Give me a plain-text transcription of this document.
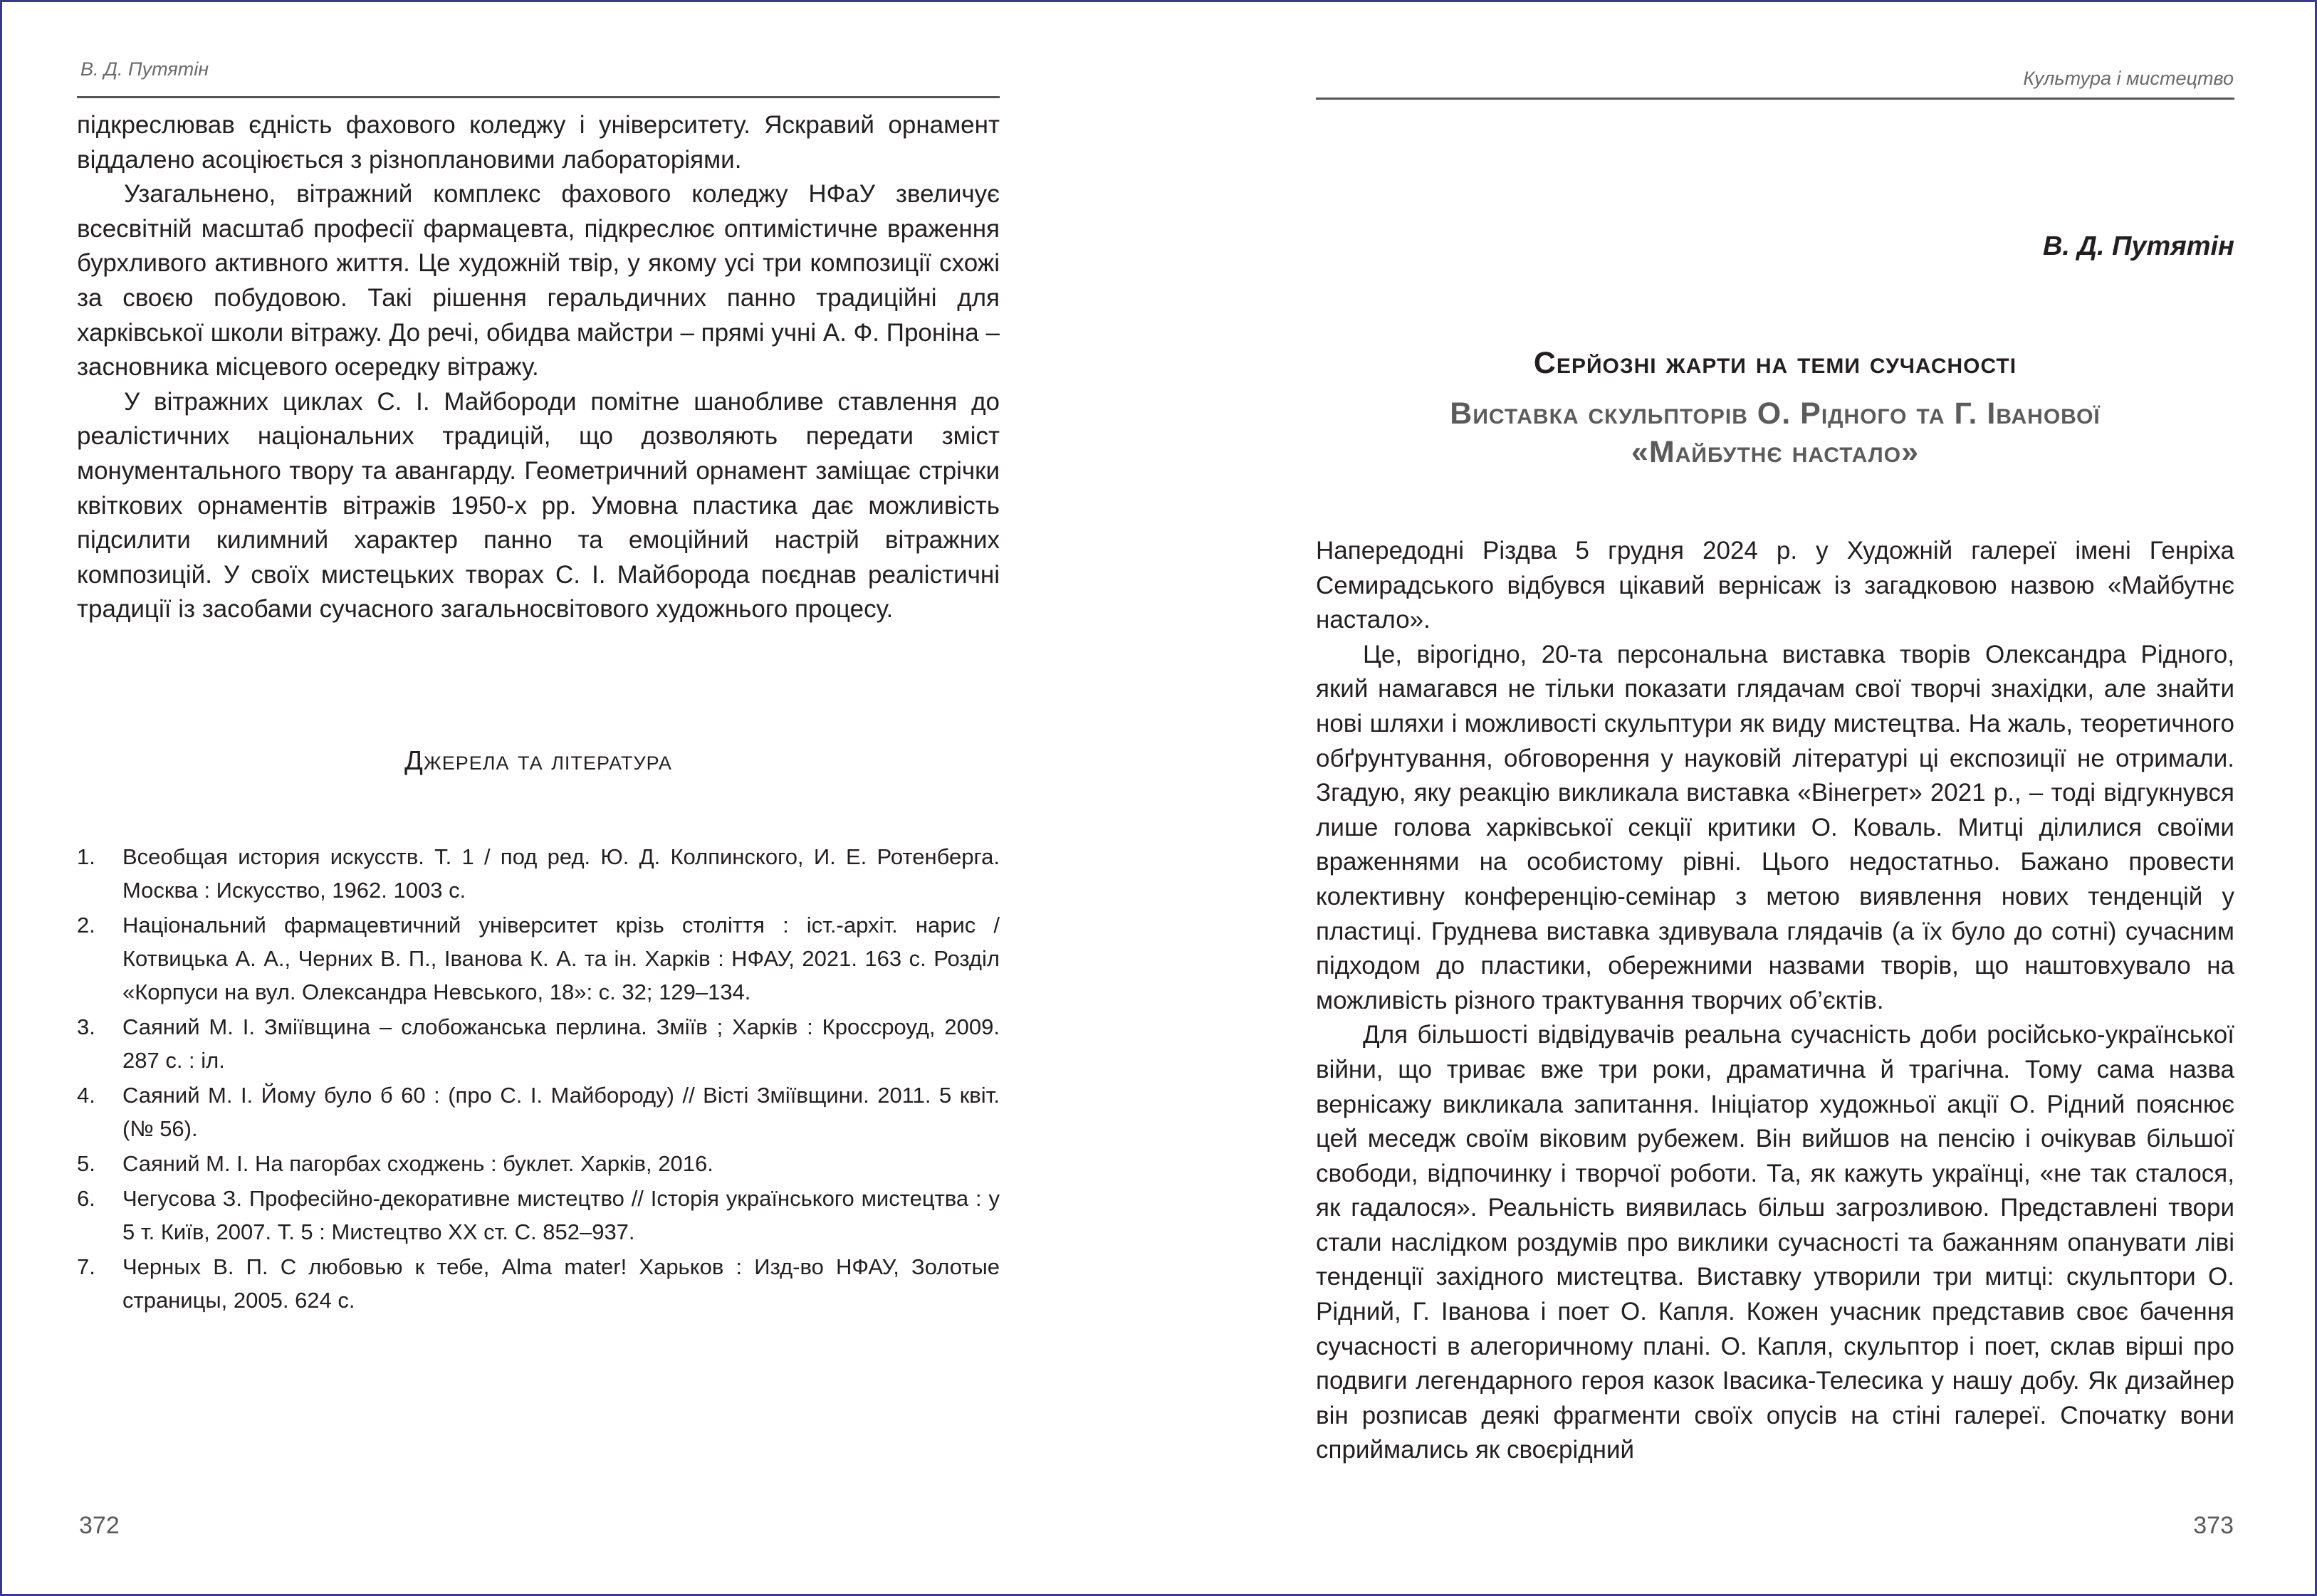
В. Д. Путятін

підкреслював єдність фахового коледжу і університету. Яскравий орнамент віддалено асоціюється з різноплановими лабораторіями.

Узагальнено, вітражний комплекс фахового коледжу НФаУ звеличує всесвітній масштаб професії фармацевта, підкреслює оптимістичне враження бурхливого активного життя. Це художній твір, у якому усі три композиції схожі за своєю побудовою. Такі рішення геральдичних панно традиційні для харківської школи вітражу. До речі, обидва майстри – прямі учні А. Ф. Проніна – засновника місцевого осередку вітражу.

У вітражних циклах С. І. Майбороди помітне шанобливе ставлення до реалістичних національних традицій, що дозволяють передати зміст монументального твору та авангарду. Геометричний орнамент заміщає стрічки квіткових орнаментів вітражів 1950-х рр. Умовна пластика дає можливість підсилити килимний характер панно та емоційний настрій вітражних композицій. У своїх мистецьких творах С. І. Майборода поєднав реалістичні традиції із засобами сучасного загальносвітового художнього процесу.

Джерела та література
1. Всеобщая история искусств. Т. 1 / под ред. Ю. Д. Колпинского, И. Е. Ротенберга. Москва : Искусство, 1962. 1003 с.
2. Національний фармацевтичний університет крізь століття : іст.-архіт. нарис / Котвицька А. А., Черних В. П., Іванова К. А. та ін. Харків : НФАУ, 2021. 163 с. Розділ «Корпуси на вул. Олександра Невського, 18»: с. 32; 129–134.
3. Саяний М. І. Зміївщина – слобожанська перлина. Зміїв ; Харків : Кроссроуд, 2009. 287 с. : іл.
4. Саяний М. І. Йому було б 60 : (про С. І. Майбороду) // Вісті Зміївщини. 2011. 5 квіт. (№ 56).
5. Саяний М. І. На пагорбах сходжень : буклет. Харків, 2016.
6. Чегусова З. Професійно-декоративне мистецтво // Історія українського мистецтва : у 5 т. Київ, 2007. Т. 5 : Мистецтво ХХ ст. С. 852–937.
7. Черных В. П. С любовью к тебе, Alma mater! Харьков : Изд-во НФАУ, Золотые страницы, 2005. 624 с.
372
Культура і мистецтво
В. Д. Путятін
Серйозні жарти на теми сучасності
Виставка скульпторів О. Рідного та Г. Іванової
«Майбутнє настало»

Напередодні Різдва 5 грудня 2024 р. у Художній галереї імені Генріха Семирадського відбувся цікавий вернісаж із загадковою назвою «Майбутнє настало».

Це, вірогідно, 20-та персональна виставка творів Олександра Рідного, який намагався не тільки показати глядачам свої творчі знахідки, але знайти нові шляхи і можливості скульптури як виду мистецтва. На жаль, теоретичного обґрунтування, обговорення у науковій літературі ці експозиції не отримали. Згадую, яку реакцію викликала виставка «Вінегрет» 2021 р., – тоді відгукнувся лише голова харківської секції критики О. Коваль. Митці ділилися своїми враженнями на особистому рівні. Цього недостатньо. Бажано провести колективну конференцію-семінар з метою виявлення нових тенденцій у пластиці. Груднева виставка здивувала глядачів (а їх було до сотні) сучасним підходом до пластики, обережними назвами творів, що наштовхувало на можливість різного трактування творчих об’єктів.

Для більшості відвідувачів реальна сучасність доби російсько-української війни, що триває вже три роки, драматична й трагічна. Тому сама назва вернісажу викликала запитання. Ініціатор художньої акції О. Рідний пояснює цей меседж своїм віковим рубежем. Він вийшов на пенсію і очікував більшої свободи, відпочинку і творчої роботи. Та, як кажуть українці, «не так сталося, як гадалося». Реальність виявилась більш загрозливою. Представлені твори стали наслідком роздумів про виклики сучасності та бажанням опанувати ліві тенденції західного мистецтва. Виставку утворили три митці: скульптори О. Рідний, Г. Іванова і поет О. Капля. Кожен учасник представив своє бачення сучасності в алегоричному плані. О. Капля, скульптор і поет, склав вірші про подвиги легендарного героя казок Івасика-Телесика у нашу добу. Як дизайнер він розписав деякі фрагменти своїх опусів на стіні галереї. Спочатку вони сприймались як своєрідний

373
